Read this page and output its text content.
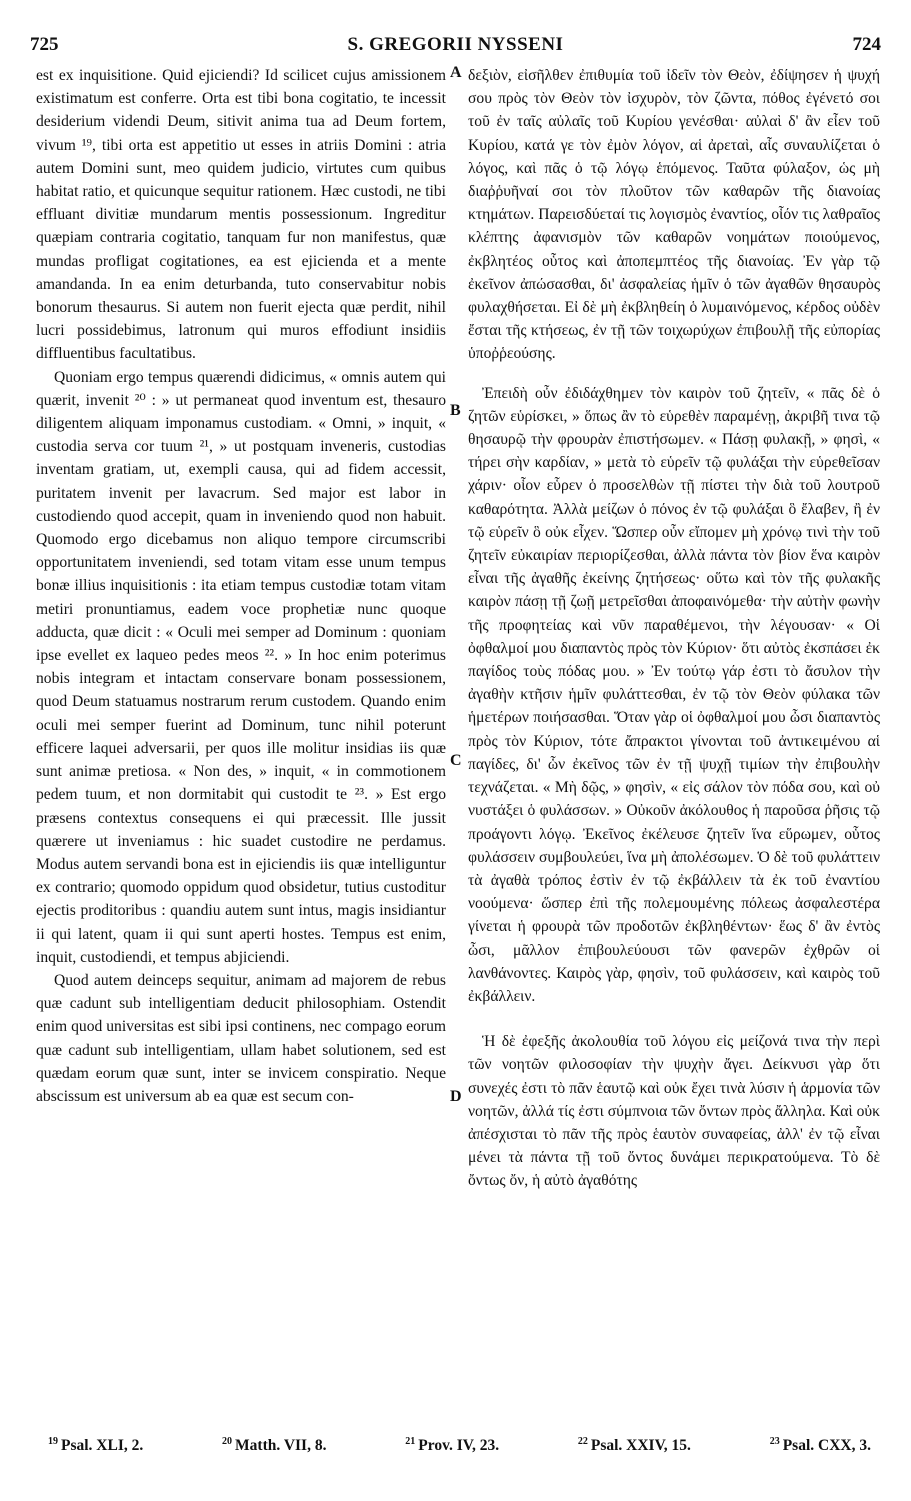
725	S. GREGORII NYSSENI	724
A
B
C
D

est ex inquisitione. Quid ejiciendi? Id scilicet cujus amissionem existimatum est conferre. Orta est tibi bona cogitatio, te incessit desiderium videndi Deum, sitivit anima tua ad Deum fortem, vivum ¹⁹, tibi orta est appetitio ut esses in atriis Domini : atria autem Domini sunt, meo quidem judicio, virtutes cum quibus habitat ratio, et quicunque sequitur rationem. Hæc custodi, ne tibi effluant divitiæ mundarum mentis possessionum. Ingreditur quæpiam contraria cogitatio, tanquam fur non manifestus, quæ mundas profligat cogitationes, ea est ejicienda et a mente amandanda. In ea enim deturbanda, tuto conservabitur nobis bonorum thesaurus. Si autem non fuerit ejecta quæ perdit, nihil lucri possidebimus, latronum qui muros effodiunt insidiis diffluentibus facultatibus.

Quoniam ergo tempus quærendi didicimus, « omnis autem qui quærit, invenit ²⁰ : » ut permaneat quod inventum est, thesauro diligentem aliquam imponamus custodiam. « Omni, » inquit, « custodia serva cor tuum ²¹, » ut postquam inveneris, custodias inventam gratiam, ut, exempli causa, qui ad fidem accessit, puritatem invenit per lavacrum. Sed major est labor in custodiendo quod accepit, quam in inveniendo quod non habuit. Quomodo ergo dicebamus non aliquo tempore circumscribi opportunitatem inveniendi, sed totam vitam esse unum tempus bonæ illius inquisitionis : ita etiam tempus custodiæ totam vitam metiri pronuntiamus, eadem voce prophetiæ nunc quoque adducta, quæ dicit : « Oculi mei semper ad Dominum : quoniam ipse evellet ex laqueo pedes meos ²². » In hoc enim poterimus nobis integram et intactam conservare bonam possessionem, quod Deum statuamus nostrarum rerum custodem. Quando enim oculi mei semper fuerint ad Dominum, tunc nihil poterunt efficere laquei adversarii, per quos ille molitur insidias iis quæ sunt animæ pretiosa. « Non des, » inquit, « in commotionem pedem tuum, et non dormitabit qui custodit te ²³. » Est ergo præsens contextus consequens ei qui præcessit. Ille jussit quærere ut inveniamus : hic suadet custodire ne perdamus. Modus autem servandi bona est in ejiciendis iis quæ intelliguntur ex contrario; quomodo oppidum quod obsidetur, tutius custoditur ejectis proditoribus : quandiu autem sunt intus, magis insidiantur ii qui latent, quam ii qui sunt aperti hostes. Tempus est enim, inquit, custodiendi, et tempus abjiciendi.

Quod autem deinceps sequitur, animam ad majorem de rebus quæ cadunt sub intelligentiam deducit philosophiam. Ostendit enim quod universitas est sibi ipsi continens, nec compago eorum quæ cadunt sub intelligentiam, ullam habet solutionem, sed est quædam eorum quæ sunt, inter se invicem conspiratio. Neque abscissum est universum ab ea quæ est secum con-

δεξιὸν, εἰσῆλθεν ἐπιθυμία τοῦ ἰδεῖν τὸν Θεὸν, ἐδίψησεν ἡ ψυχή σου πρὸς τὸν Θεὸν τὸν ἰσχυρὸν, τὸν ζῶντα, πόθος ἐγένετό σοι τοῦ ἐν ταῖς αὐλαῖς τοῦ Κυρίου γενέσθαι· αὐλαὶ δ' ἂν εἶεν τοῦ Κυρίου, κατά γε τὸν ἐμὸν λόγον, αἱ ἀρεταὶ, αἷς συναυλίζεται ὁ λόγος, καὶ πᾶς ὁ τῷ λόγῳ ἑπόμενος. Ταῦτα φύλαξον, ὡς μὴ διαῤῥυῆναί σοι τὸν πλοῦτον τῶν καθαρῶν τῆς διανοίας κτημάτων. Παρεισδύεταί τις λογισμὸς ἐναντίος, οἷόν τις λαθραῖος κλέπτης ἀφανισμὸν τῶν καθαρῶν νοημάτων ποιούμενος, ἐκβλητέος οὗτος καὶ ἀποπεμπτέος τῆς διανοίας. Ἐν γὰρ τῷ ἐκεῖνον ἀπώσασθαι, δι' ἀσφαλείας ἡμῖν ὁ τῶν ἀγαθῶν θησαυρὸς φυλαχθήσεται. Εἰ δὲ μὴ ἐκβληθείη ὁ λυμαινόμενος, κέρδος οὐδὲν ἔσται τῆς κτήσεως, ἐν τῇ τῶν τοιχωρύχων ἐπιβουλῇ τῆς εὐπορίας ὑποῤῥεούσης.

Ἐπειδὴ οὖν ἐδιδάχθημεν τὸν καιρὸν τοῦ ζητεῖν, « πᾶς δὲ ὁ ζητῶν εὑρίσκει, » ὅπως ἂν τὸ εὑρεθὲν παραμένῃ, ἀκριβῆ τινα τῷ θησαυρῷ τὴν φρουρὰν ἐπιστήσωμεν. « Πάσῃ φυλακῇ, » φησὶ, « τήρει σὴν καρδίαν, » μετὰ τὸ εὑρεῖν τῷ φυλάξαι τὴν εὑρεθεῖσαν χάριν· οἷον εὗρεν ὁ προσελθὼν τῇ πίστει τὴν διὰ τοῦ λουτροῦ καθαρότητα. Ἀλλὰ μείζων ὁ πόνος ἐν τῷ φυλάξαι ὃ ἔλαβεν, ἢ ἐν τῷ εὑρεῖν ὃ οὐκ εἶχεν. Ὥσπερ οὖν εἴπομεν μὴ χρόνῳ τινὶ τὴν τοῦ ζητεῖν εὐκαιρίαν περιορίζεσθαι, ἀλλὰ πάντα τὸν βίον ἕνα καιρὸν εἶναι τῆς ἀγαθῆς ἐκείνης ζητήσεως· οὕτω καὶ τὸν τῆς φυλακῆς καιρὸν πάσῃ τῇ ζωῇ μετρεῖσθαι ἀποφαινόμεθα· τὴν αὐτὴν φωνὴν τῆς προφητείας καὶ νῦν παραθέμενοι, τὴν λέγουσαν· « Οἱ ὀφθαλμοί μου διαπαντὸς πρὸς τὸν Κύριον· ὅτι αὐτὸς ἐκσπάσει ἐκ παγίδος τοὺς πόδας μου. » Ἐν τούτῳ γάρ ἐστι τὸ ἄσυλον τὴν ἀγαθὴν κτῆσιν ἡμῖν φυλάττεσθαι, ἐν τῷ τὸν Θεὸν φύλακα τῶν ἡμετέρων ποιήσασθαι. Ὅταν γὰρ οἱ ὀφθαλμοί μου ὦσι διαπαντὸς πρὸς τὸν Κύριον, τότε ἄπρακτοι γίνονται τοῦ ἀντικειμένου αἱ παγίδες, δι' ὧν ἐκεῖνος τῶν ἐν τῇ ψυχῇ τιμίων τὴν ἐπιβουλὴν τεχνάζεται. « Μὴ δῷς, » φησὶν, « εἰς σάλον τὸν πόδα σου, καὶ οὐ νυστάξει ὁ φυλάσσων. » Οὐκοῦν ἀκόλουθος ἡ παροῦσα ῥῆσις τῷ προάγοντι λόγῳ. Ἐκεῖνος ἐκέλευσε ζητεῖν ἵνα εὕρωμεν, οὗτος φυλάσσειν συμβουλεύει, ἵνα μὴ ἀπολέσωμεν. Ὁ δὲ τοῦ φυλάττειν τὰ ἀγαθὰ τρόπος ἐστὶν ἐν τῷ ἐκβάλλειν τὰ ἐκ τοῦ ἐναντίου νοούμενα· ὥσπερ ἐπὶ τῆς πολεμουμένης πόλεως ἀσφαλεστέρα γίνεται ἡ φρουρὰ τῶν προδοτῶν ἐκβληθέντων· ἕως δ' ἂν ἐντὸς ὦσι, μᾶλλον ἐπιβουλεύουσι τῶν φανερῶν ἐχθρῶν οἱ λανθάνοντες. Καιρὸς γὰρ, φησὶν, τοῦ φυλάσσειν, καὶ καιρὸς τοῦ ἐκβάλλειν.

Ἡ δὲ ἐφεξῆς ἀκολουθία τοῦ λόγου εἰς μείζονά τινα τὴν περὶ τῶν νοητῶν φιλοσοφίαν τὴν ψυχὴν ἄγει. Δείκνυσι γὰρ ὅτι συνεχές ἐστι τὸ πᾶν ἑαυτῷ καὶ οὐκ ἔχει τινὰ λύσιν ἡ ἁρμονία τῶν νοητῶν, ἀλλά τίς ἐστι σύμπνοια τῶν ὄντων πρὸς ἄλληλα. Καὶ οὐκ ἀπέσχισται τὸ πᾶν τῆς πρὸς ἑαυτὸν συναφείας, ἀλλ' ἐν τῷ εἶναι μένει τὰ πάντα τῇ τοῦ ὄντος δυνάμει περικρατούμενα. Τὸ δὲ ὄντως ὄν, ἡ αὐτὸ ἀγαθότης

$^{19}$ Psal. XLI, 2.	$^{20}$ Matth. VII, 8.	$^{21}$ Prov. IV, 23.	$^{22}$ Psal. XXIV, 15.	$^{23}$ Psal. CXX, 3.
